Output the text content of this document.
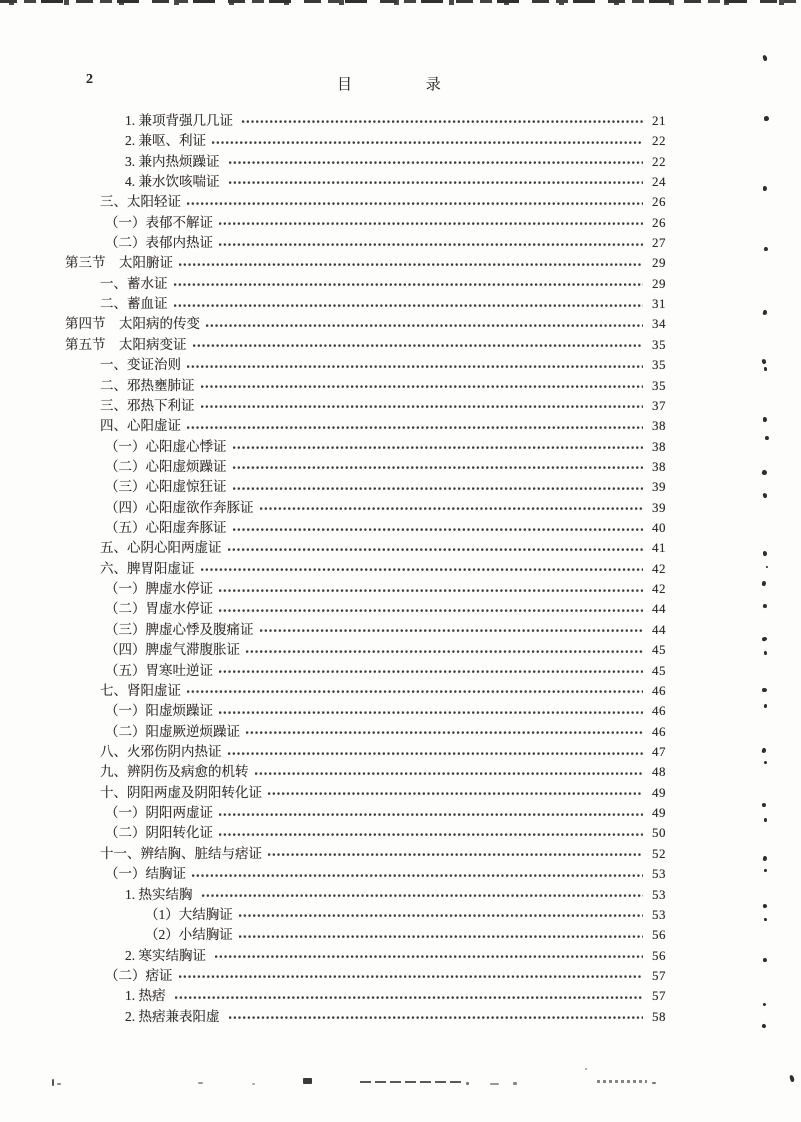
2	目 录
1. 兼项背强几几证	21
2. 兼呕、利证	22
3. 兼内热烦躁证	22
4. 兼水饮咳喘证	24
三、太阳轻证	26
（一）表郁不解证	26
（二）表郁内热证	27
第三节　太阳腑证	29
一、蓄水证	29
二、蓄血证	31
第四节　太阳病的传变	34
第五节　太阳病变证	35
一、变证治则	35
二、邪热壅肺证	35
三、邪热下利证	37
四、心阳虚证	38
（一）心阳虚心悸证	38
（二）心阳虚烦躁证	38
（三）心阳虚惊狂证	39
（四）心阳虚欲作奔豚证	39
（五）心阳虚奔豚证	40
五、心阴心阳两虚证	41
六、脾胃阳虚证	42
（一）脾虚水停证	42
（二）胃虚水停证	44
（三）脾虚心悸及腹痛证	44
（四）脾虚气滞腹胀证	45
（五）胃寒吐逆证	45
七、肾阳虚证	46
（一）阳虚烦躁证	46
（二）阳虚厥逆烦躁证	46
八、火邪伤阴内热证	47
九、辨阴伤及病愈的机转	48
十、阴阳两虚及阴阳转化证	49
（一）阴阳两虚证	49
（二）阴阳转化证	50
十一、辨结胸、脏结与痞证	52
（一）结胸证	53
1. 热实结胸	53
（1）大结胸证	53
（2）小结胸证	56
2. 寒实结胸证	56
（二）痞证	57
1. 热痞	57
2. 热痞兼表阳虚	58
